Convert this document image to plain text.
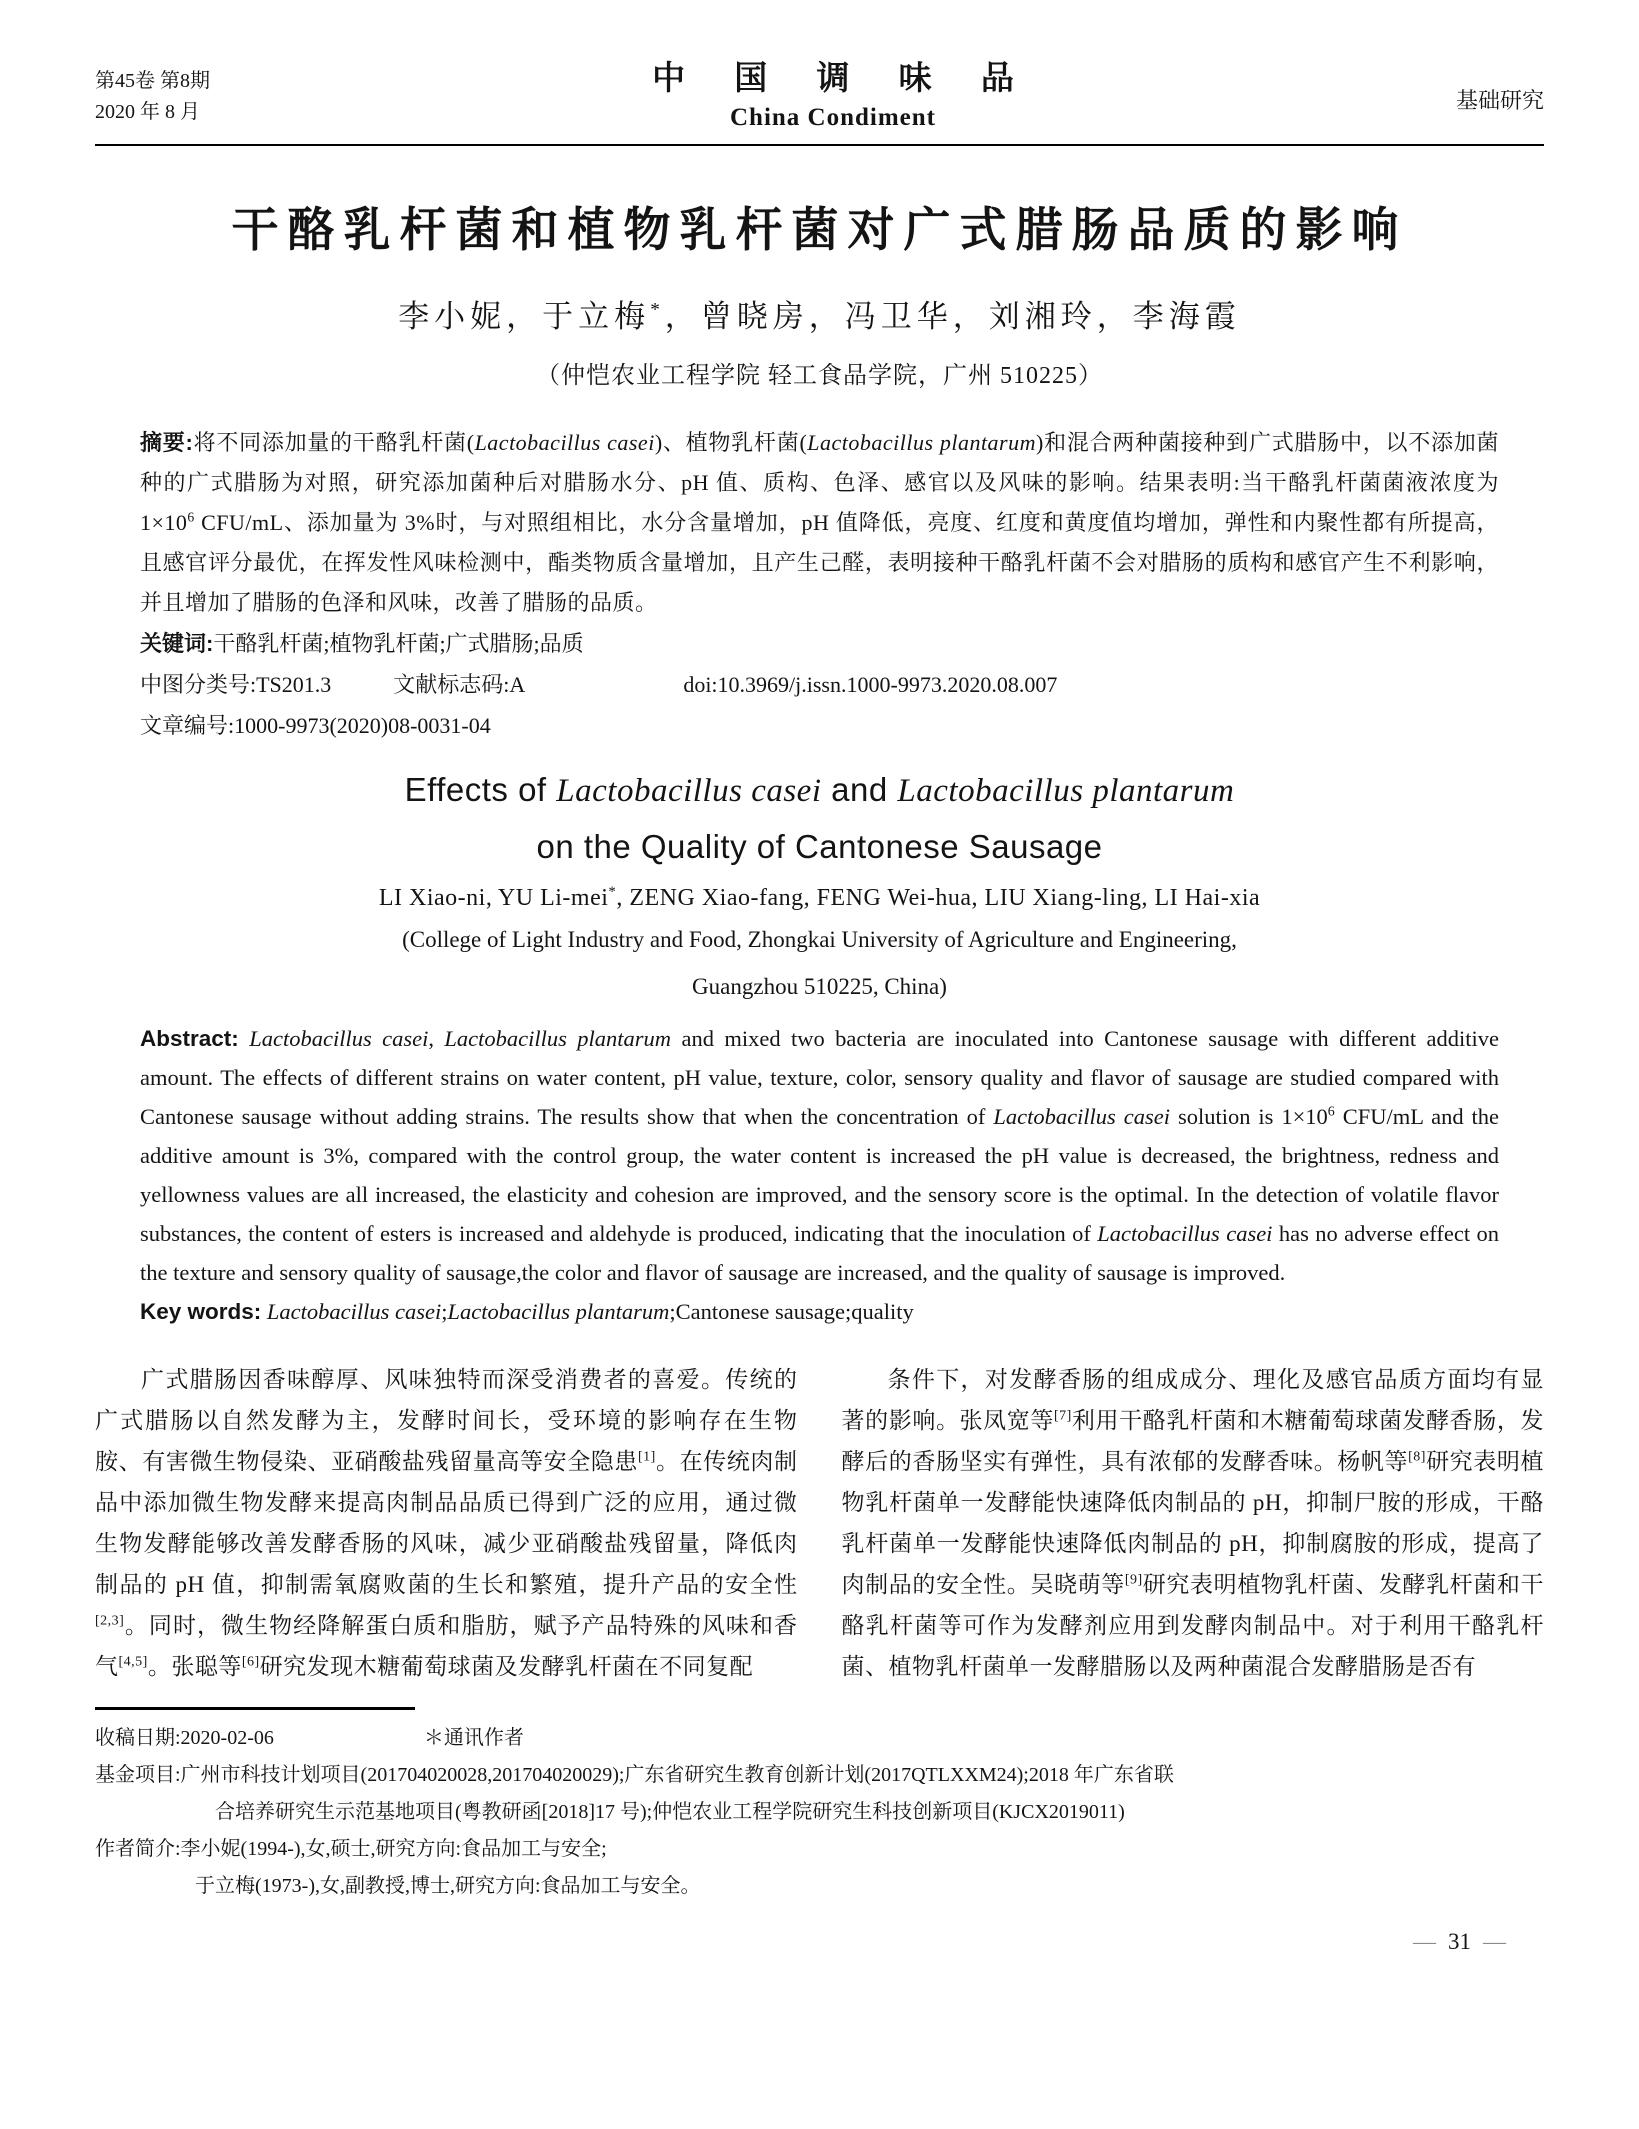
第45卷 第8期
2020 年 8 月
中 国 调 味 品
China Condiment
基础研究
干酪乳杆菌和植物乳杆菌对广式腊肠品质的影响
李小妮，于立梅*，曾晓房，冯卫华，刘湘玲，李海霞
（仲恺农业工程学院 轻工食品学院，广州 510225）
摘要:将不同添加量的干酪乳杆菌(Lactobacillus casei)、植物乳杆菌(Lactobacillus plantarum)和混合两种菌接种到广式腊肠中，以不添加菌种的广式腊肠为对照，研究添加菌种后对腊肠水分、pH 值、质构、色泽、感官以及风味的影响。结果表明:当干酪乳杆菌菌液浓度为 $1\times 10^6$ CFU/mL、添加量为 3%时，与对照组相比，水分含量增加，pH 值降低，亮度、红度和黄度值均增加，弹性和内聚性都有所提高，且感官评分最优，在挥发性风味检测中，酯类物质含量增加，且产生己醛，表明接种干酪乳杆菌不会对腊肠的质构和感官产生不利影响，并且增加了腊肠的色泽和风味，改善了腊肠的品质。
关键词:干酪乳杆菌;植物乳杆菌;广式腊肠;品质
中图分类号:TS201.3	文献标志码:A	doi:10.3969/j.issn.1000-9973.2020.08.007
文章编号:1000-9973(2020)08-0031-04
Effects of Lactobacillus casei and Lactobacillus plantarum
on the Quality of Cantonese Sausage
LI Xiao-ni, YU Li-mei*, ZENG Xiao-fang, FENG Wei-hua, LIU Xiang-ling, LI Hai-xia
(College of Light Industry and Food, Zhongkai University of Agriculture and Engineering,
Guangzhou 510225, China)
Abstract: Lactobacillus casei, Lactobacillus plantarum and mixed two bacteria are inoculated into Cantonese sausage with different additive amount. The effects of different strains on water content, pH value, texture, color, sensory quality and flavor of sausage are studied compared with Cantonese sausage without adding strains. The results show that when the concentration of Lactobacillus casei solution is $1\times 10^6$ CFU/mL and the additive amount is 3%, compared with the control group, the water content is increased the pH value is decreased, the brightness, redness and yellowness values are all increased, the elasticity and cohesion are improved, and the sensory score is the optimal. In the detection of volatile flavor substances, the content of esters is increased and aldehyde is produced, indicating that the inoculation of Lactobacillus casei has no adverse effect on the texture and sensory quality of sausage,the color and flavor of sausage are increased, and the quality of sausage is improved.
Key words: Lactobacillus casei;Lactobacillus plantarum;Cantonese sausage;quality

广式腊肠因香味醇厚、风味独特而深受消费者的喜爱。传统的广式腊肠以自然发酵为主，发酵时间长，受环境的影响存在生物胺、有害微生物侵染、亚硝酸盐残留量高等安全隐患[1]。在传统肉制品中添加微生物发酵来提高肉制品品质已得到广泛的应用，通过微生物发酵能够改善发酵香肠的风味，减少亚硝酸盐残留量，降低肉制品的 pH 值，抑制需氧腐败菌的生长和繁殖，提升产品的安全性[2,3]。同时，微生物经降解蛋白质和脂肪，赋予产品特殊的风味和香气[4,5]。张聪等[6]研究发现木糖葡萄球菌及发酵乳杆菌在不同复配

条件下，对发酵香肠的组成成分、理化及感官品质方面均有显著的影响。张凤宽等[7]利用干酪乳杆菌和木糖葡萄球菌发酵香肠，发酵后的香肠坚实有弹性，具有浓郁的发酵香味。杨帆等[8]研究表明植物乳杆菌单一发酵能快速降低肉制品的 pH，抑制尸胺的形成，干酪乳杆菌单一发酵能快速降低肉制品的 pH，抑制腐胺的形成，提高了肉制品的安全性。吴晓萌等[9]研究表明植物乳杆菌、发酵乳杆菌和干酪乳杆菌等可作为发酵剂应用到发酵肉制品中。对于利用干酪乳杆菌、植物乳杆菌单一发酵腊肠以及两种菌混合发酵腊肠是否有

收稿日期:2020-02-06	＊通讯作者
基金项目:广州市科技计划项目(201704020028,201704020029);广东省研究生教育创新计划(2017QTLXXM24);2018 年广东省联
合培养研究生示范基地项目(粤教研函[2018]17 号);仲恺农业工程学院研究生科技创新项目(KJCX2019011)
作者简介:李小妮(1994-),女,硕士,研究方向:食品加工与安全;
于立梅(1973-),女,副教授,博士,研究方向:食品加工与安全。
— 31 —
